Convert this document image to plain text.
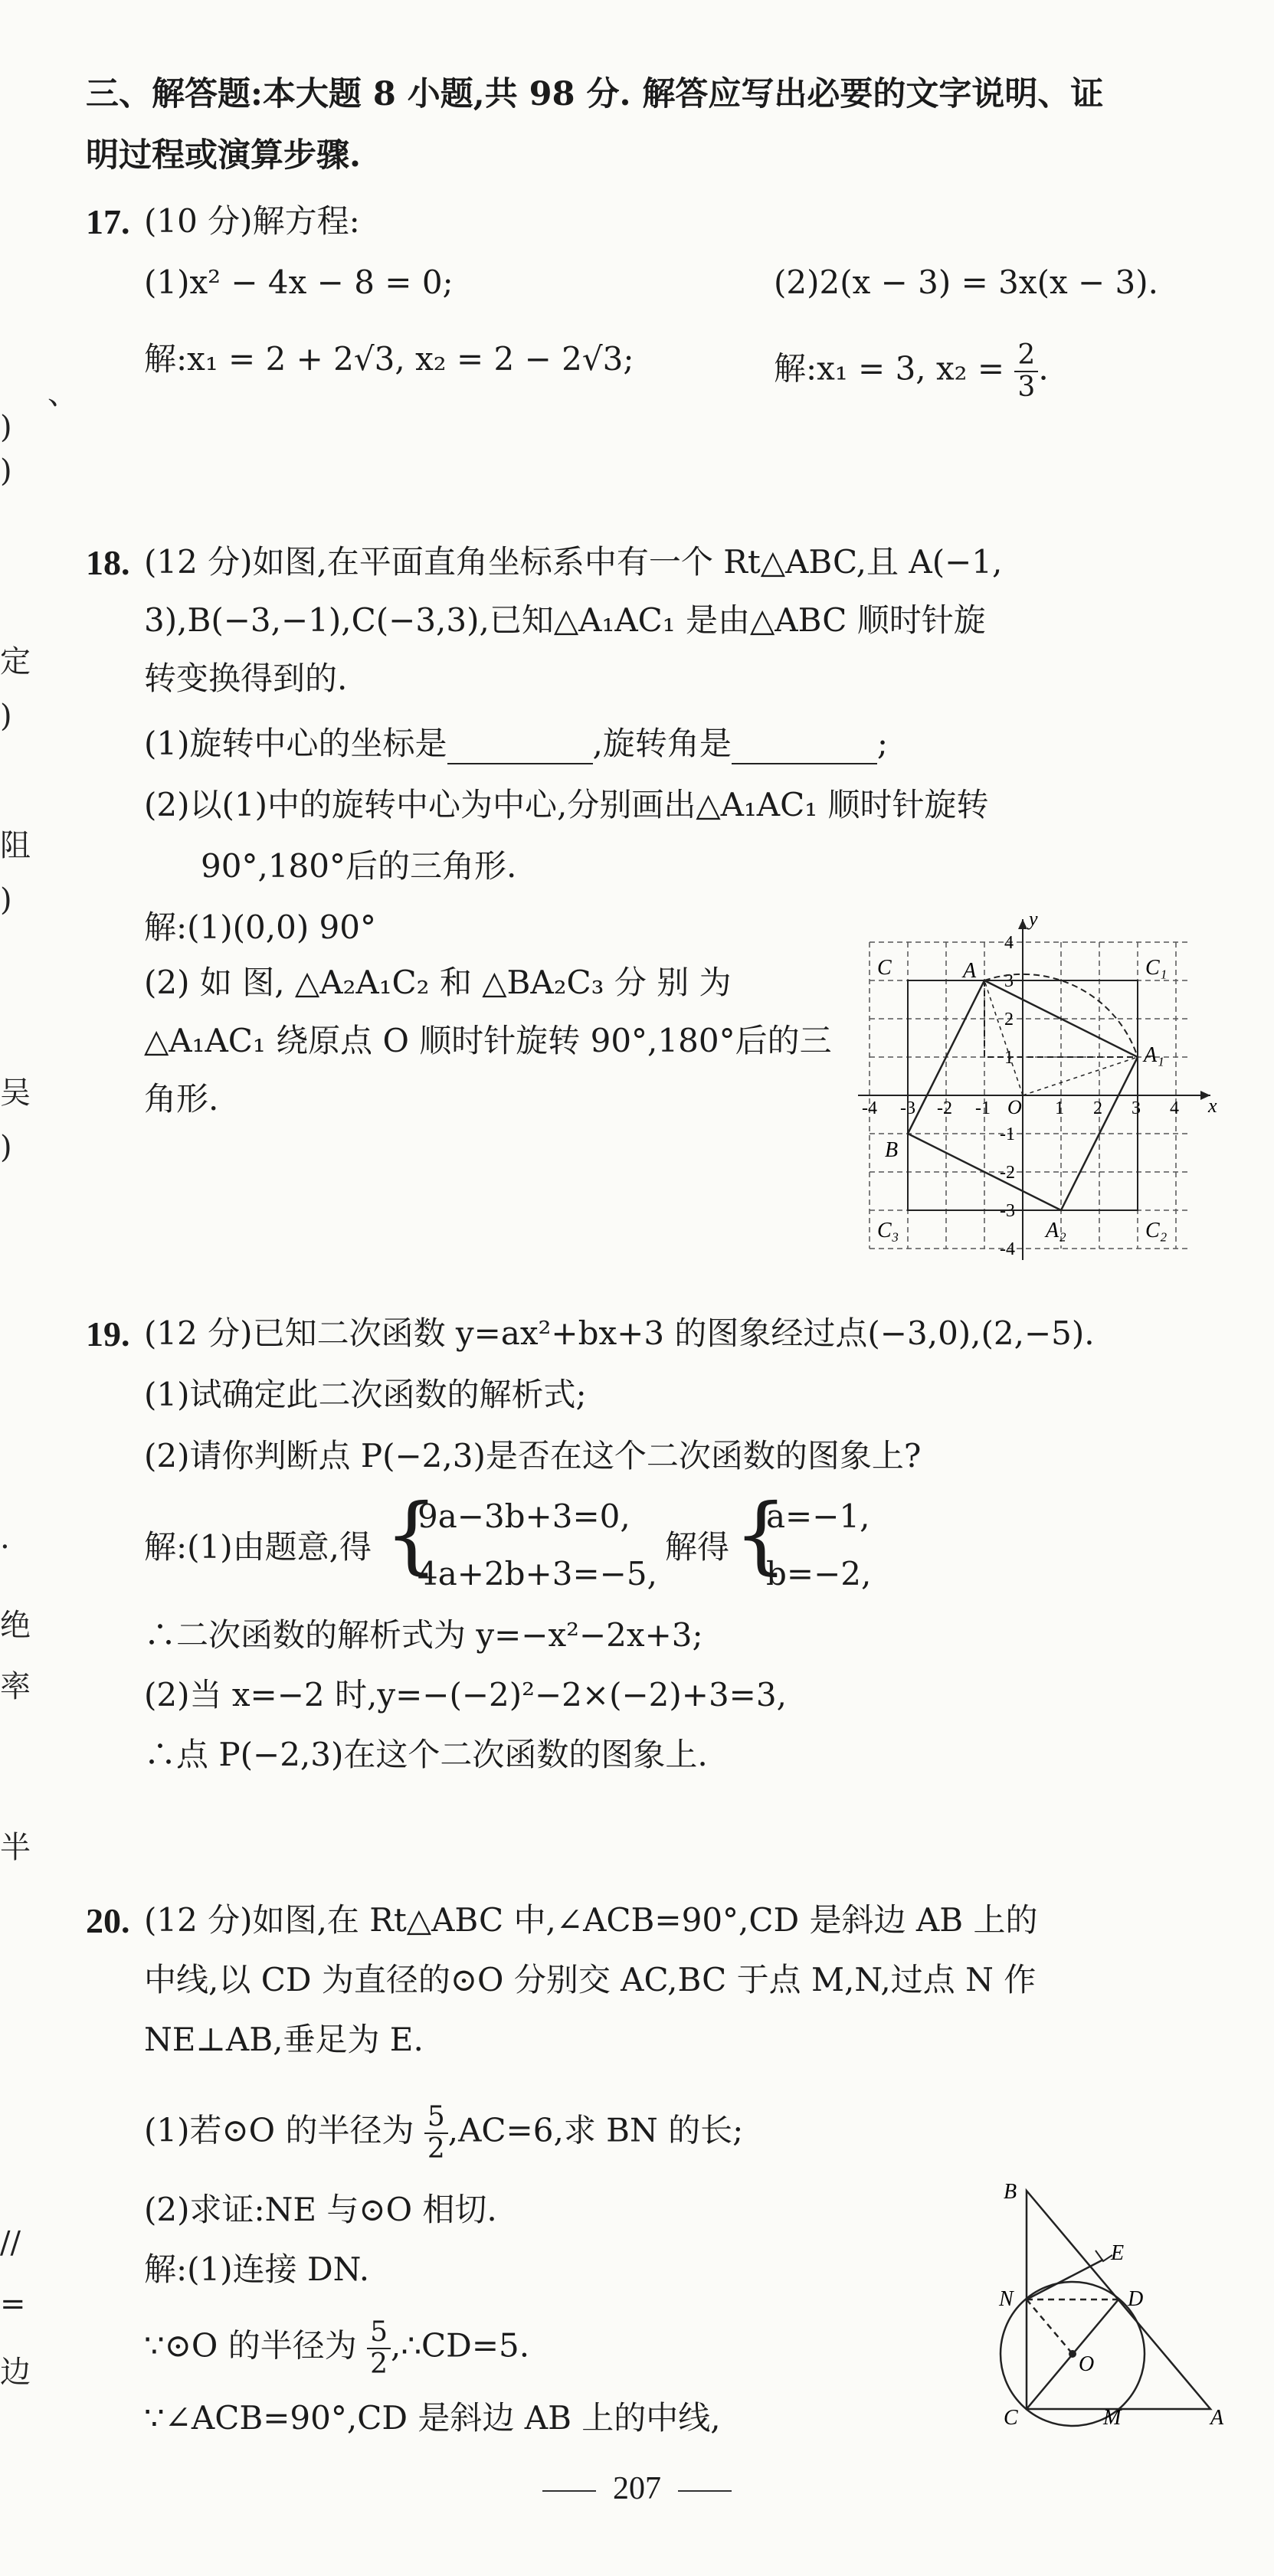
、
)
)
定
)
阻
)
吴
)
.
绝
率
半
∕∕
=
边
三、解答题:本大题 8 小题,共 98 分. 解答应写出必要的文字说明、证
明过程或演算步骤.
17. (10 分)解方程:
(1)x² − 4x − 8 = 0;	(2)2(x − 3) = 3x(x − 3).
解:x₁ = 2 + 2√3, x₂ = 2 − 2√3;	解:x₁ = 3, $x_2 = \frac{2}{3}$ .
18. (12 分)如图,在平面直角坐标系中有一个 Rt△ABC,且 A(−1,
3),B(−3,−1),C(−3,3),已知△A₁AC₁ 是由△ABC 顺时针旋
转变换得到的.
(1)旋转中心的坐标是	,旋转角是	;
(2)以(1)中的旋转中心为中心,分别画出△A₁AC₁ 顺时针旋转
90°,180°后的三角形.
解:(1)(0,0) 90°
(2) 如 图, △A₂A₁C₂ 和 △BA₂C₃ 分 别 为
△A₁AC₁ 绕原点 O 顺时针旋转 90°,180°后的三
角形.	x
y
O
-4 -3 -2 -1	1 2 3 4
4
3
2
1
-1
-2
-3
-4
C	A	C₁
A₁
B
C₃	A₂	C₂
19. (12 分)已知二次函数 y=ax²+bx+3 的图象经过点(−3,0),(2,−5).
(1)试确定此二次函数的解析式;
(2)请你判断点 P(−2,3)是否在这个二次函数的图象上?
解:(1)由题意,得 {
9a−3b+3=0,
4a+2b+3=−5,
解得 {
a=−1,
b=−2,
∴二次函数的解析式为 y=−x²−2x+3;
(2)当 x=−2 时,y=−(−2)²−2×(−2)+3=3,
∴点 P(−2,3)在这个二次函数的图象上.
20. (12 分)如图,在 Rt△ABC 中,∠ACB=90°,CD 是斜边 AB 上的
中线,以 CD 为直径的⊙O 分别交 AC,BC 于点 M,N,过点 N 作
NE⊥AB,垂足为 E.
(1)若⊙O 的半径为 $\frac{5}{2} ,AC=6$,求 BN 的长;
(2)求证:NE 与⊙O 相切.
解:(1)连接 DN.
∵⊙O 的半径为 $\frac{5}{2}$ ,∴CD=5.
∵∠ACB=90°,CD 是斜边 AB 上的中线,
B
E
N	D
O
C	M	A
207
